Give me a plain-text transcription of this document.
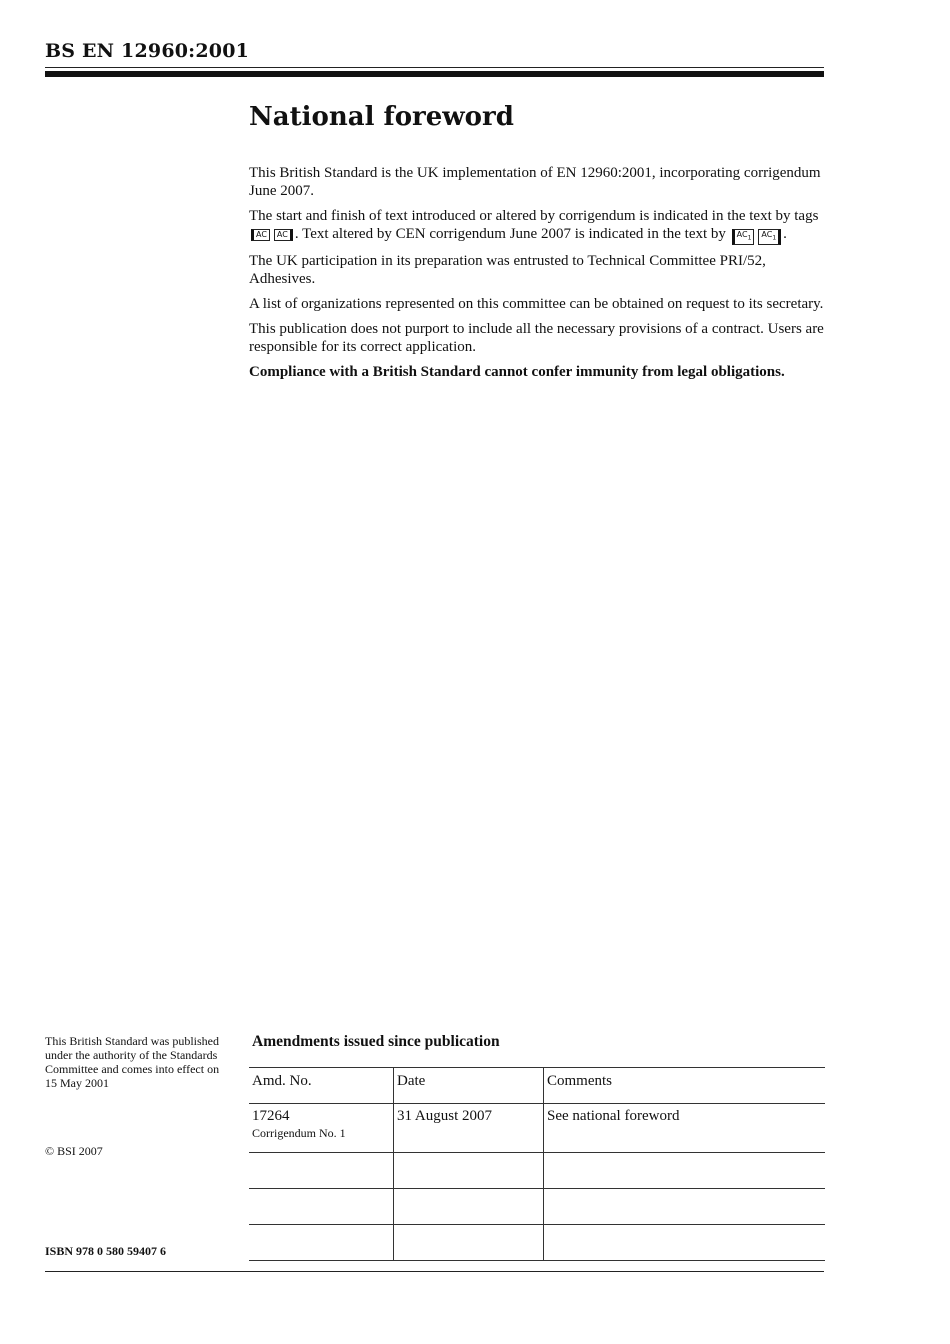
BS EN 12960:2001
National foreword

This British Standard is the UK implementation of EN 12960:2001, incorporating corrigendum June 2007.

The start and finish of text introduced or altered by corrigendum is indicated in the text by tags AC AC . Text altered by CEN corrigendum June 2007 is indicated in the text by $AC_1$ $AC_1$ .

The UK participation in its preparation was entrusted to Technical Committee PRI/52, Adhesives.

A list of organizations represented on this committee can be obtained on request to its secretary.

This publication does not purport to include all the necessary provisions of a contract. Users are responsible for its correct application.

Compliance with a British Standard cannot confer immunity from legal obligations.

This British Standard was published under the authority of the Standards Committee and comes into effect on 15 May 2001
© BSI 2007
ISBN 978 0 580 59407 6
Amendments issued since publication
Amd. No.	Date	Comments
17264
Corrigendum No. 1	31 August 2007	See national foreword
